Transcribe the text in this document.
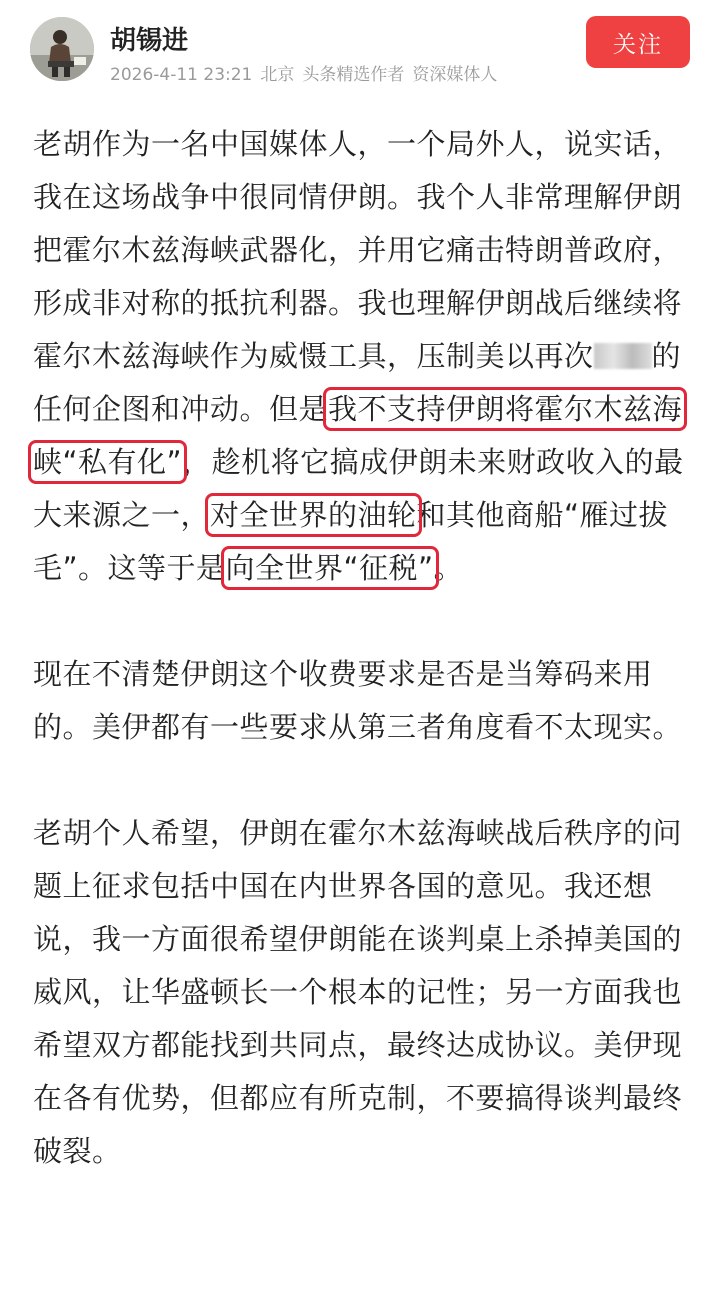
胡锡进
2026-4-11 23:21 北京 头条精选作者 资深媒体人
关注

老胡作为一名中国媒体人，一个局外人，说实话，我在这场战争中很同情伊朗。我个人非常理解伊朗把霍尔木兹海峡武器化，并用它痛击特朗普政府，形成非对称的抵抗利器。我也理解伊朗战后继续将霍尔木兹海峡作为威慑工具，压制美以再次 的任何企图和冲动。但是我不支持伊朗将霍尔木兹海峡“私有化”，趁机将它搞成伊朗未来财政收入的最大来源之一，对全世界的油轮和其他商船“雁过拔毛”。这等于是向全世界“征税”。

现在不清楚伊朗这个收费要求是否是当筹码来用的。美伊都有一些要求从第三者角度看不太现实。

老胡个人希望，伊朗在霍尔木兹海峡战后秩序的问题上征求包括中国在内世界各国的意见。我还想说，我一方面很希望伊朗能在谈判桌上杀掉美国的威风，让华盛顿长一个根本的记性；另一方面我也希望双方都能找到共同点，最终达成协议。美伊现在各有优势，但都应有所克制，不要搞得谈判最终破裂。
